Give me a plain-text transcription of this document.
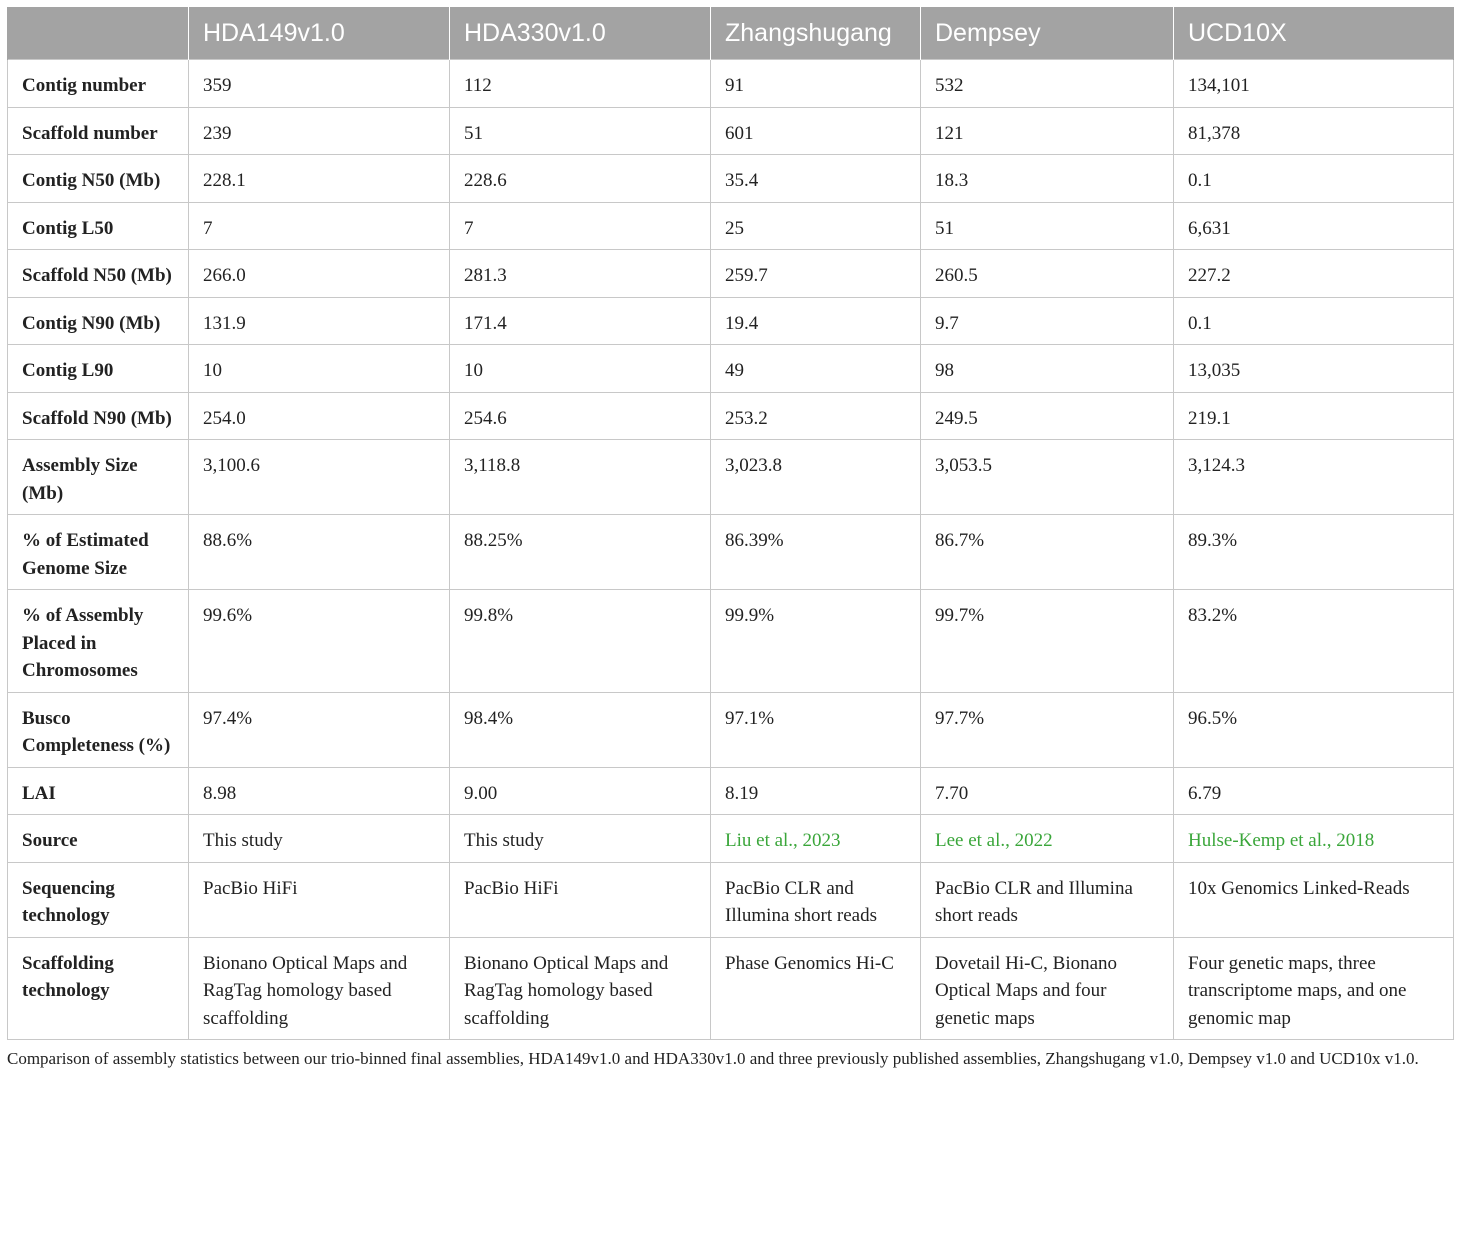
	HDA149v1.0	HDA330v1.0	Zhangshugang	Dempsey	UCD10X
Contig number	359	112	91	532	134,101
Scaffold number	239	51	601	121	81,378
Contig N50 (Mb)	228.1	228.6	35.4	18.3	0.1
Contig L50	7	7	25	51	6,631
Scaffold N50 (Mb)	266.0	281.3	259.7	260.5	227.2
Contig N90 (Mb)	131.9	171.4	19.4	9.7	0.1
Contig L90	10	10	49	98	13,035
Scaffold N90 (Mb)	254.0	254.6	253.2	249.5	219.1
Assembly Size (Mb)	3,100.6	3,118.8	3,023.8	3,053.5	3,124.3
% of Estimated Genome Size	88.6%	88.25%	86.39%	86.7%	89.3%
% of Assembly Placed in Chromosomes	99.6%	99.8%	99.9%	99.7%	83.2%
Busco Completeness (%)	97.4%	98.4%	97.1%	97.7%	96.5%
LAI	8.98	9.00	8.19	7.70	6.79
Source	This study	This study	Liu et al., 2023	Lee et al., 2022	Hulse-Kemp et al., 2018
Sequencing technology	PacBio HiFi	PacBio HiFi	PacBio CLR and Illumina short reads	PacBio CLR and Illumina short reads	10x Genomics Linked-Reads
Scaffolding technology	Bionano Optical Maps and RagTag homology based scaffolding	Bionano Optical Maps and RagTag homology based scaffolding	Phase Genomics Hi-C	Dovetail Hi-C, Bionano Optical Maps and four genetic maps	Four genetic maps, three transcriptome maps, and one genomic map
Comparison of assembly statistics between our trio-binned final assemblies, HDA149v1.0 and HDA330v1.0 and three previously published assemblies, Zhangshugang v1.0, Dempsey v1.0 and UCD10x v1.0.
